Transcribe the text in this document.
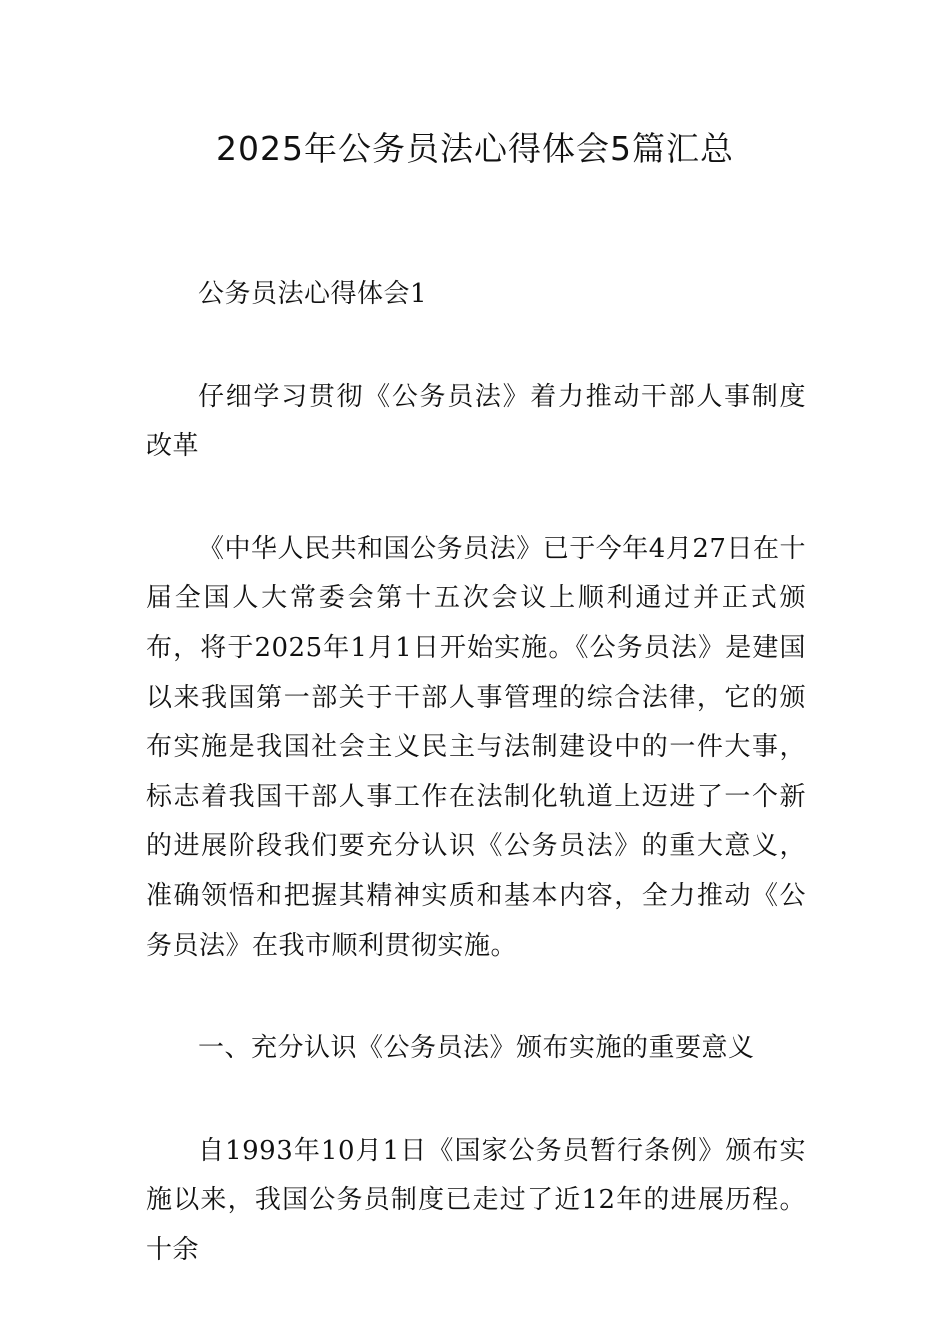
2025年公务员法心得体会5篇汇总

公务员法心得体会1

仔细学习贯彻《公务员法》着力推动干部人事制度改革

《中华人民共和国公务员法》已于今年4月27日在十届全国人大常委会第十五次会议上顺利通过并正式颁布，将于2025年1月1日开始实施。《公务员法》是建国以来我国第一部关于干部人事管理的综合法律，它的颁布实施是我国社会主义民主与法制建设中的一件大事，标志着我国干部人事工作在法制化轨道上迈进了一个新的进展阶段我们要充分认识《公务员法》的重大意义，准确领悟和把握其精神实质和基本内容，全力推动《公务员法》在我市顺利贯彻实施。

一、充分认识《公务员法》颁布实施的重要意义

自1993年10月1日《国家公务员暂行条例》颁布实施以来，我国公务员制度已走过了近12年的进展历程。十余
